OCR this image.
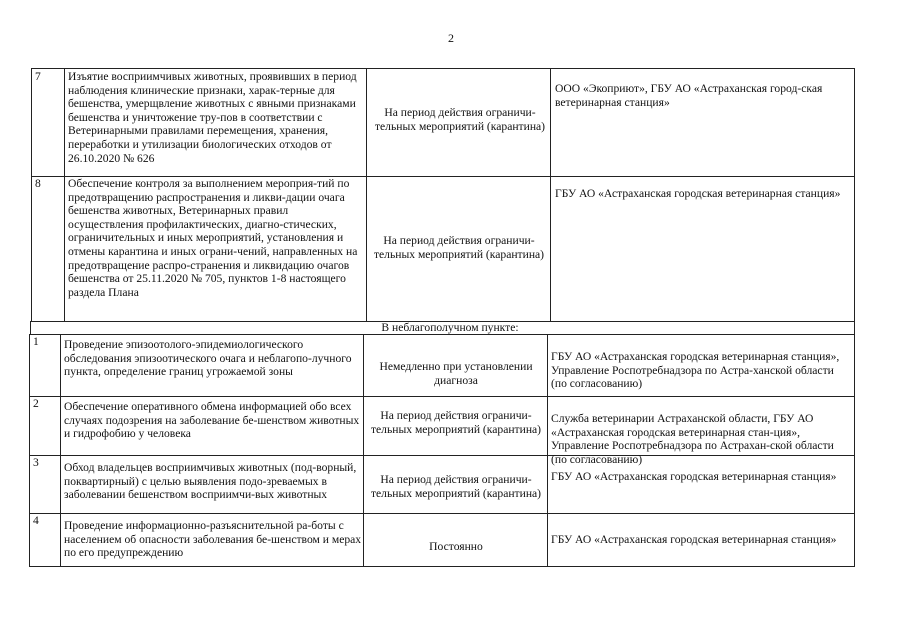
2
7 Изъятие восприимчивых животных, проявивших в период наблюдения клинические признаки, харак-терные для бешенства, умерщвление животных с явными признаками бешенства и уничтожение тру-пов в соответствии с Ветеринарными правилами перемещения, хранения, переработки и утилизации биологических отходов от 26.10.2020 № 626
На период действия ограничи-тельных мероприятий (карантина)
ООО «Экоприют», ГБУ АО «Астраханская город-ская ветеринарная станция»
8 Обеспечение контроля за выполнением мероприя-тий по предотвращению распространения и ликви-дации очага бешенства животных, Ветеринарных правил осуществления профилактических, диагно-стических, ограничительных и иных мероприятий, установления и отмены карантина и иных ограни-чений, направленных на предотвращение распро-странения и ликвидацию очагов бешенства от 25.11.2020 № 705, пунктов 1-8 настоящего раздела Плана
На период действия ограничи-тельных мероприятий (карантина)
ГБУ АО «Астраханская городская ветеринарная станция»
В неблагополучном пункте:
1 Проведение эпизоотолого-эпидемиологического обследования эпизоотического очага и неблагопо-лучного пункта, определение границ угрожаемой зоны	Немедленно при установлении диагноза
ГБУ АО «Астраханская городская ветеринарная станция», Управление Роспотребнадзора по Астра-ханской области (по согласованию)
2 Обеспечение оперативного обмена информацией обо всех случаях подозрения на заболевание бе-шенством животных и гидрофобию у человека
На период действия ограничи-тельных мероприятий (карантина)
Служба ветеринарии Астраханской области, ГБУ АО «Астраханская городская ветеринарная стан-ция», Управление Роспотребнадзора по Астрахан-ской области (по согласованию)
3 Обход владельцев восприимчивых животных (под-ворный, поквартирный) с целью выявления подо-зреваемых в заболевании бешенством восприимчи-вых животных
На период действия ограничи-тельных мероприятий (карантина)
ГБУ АО «Астраханская городская ветеринарная станция»
4 Проведение информационно-разъяснительной ра-боты с населением об опасности заболевания бе-шенством и мерах по его предупреждению	Постоянно
ГБУ АО «Астраханская городская ветеринарная станция»
